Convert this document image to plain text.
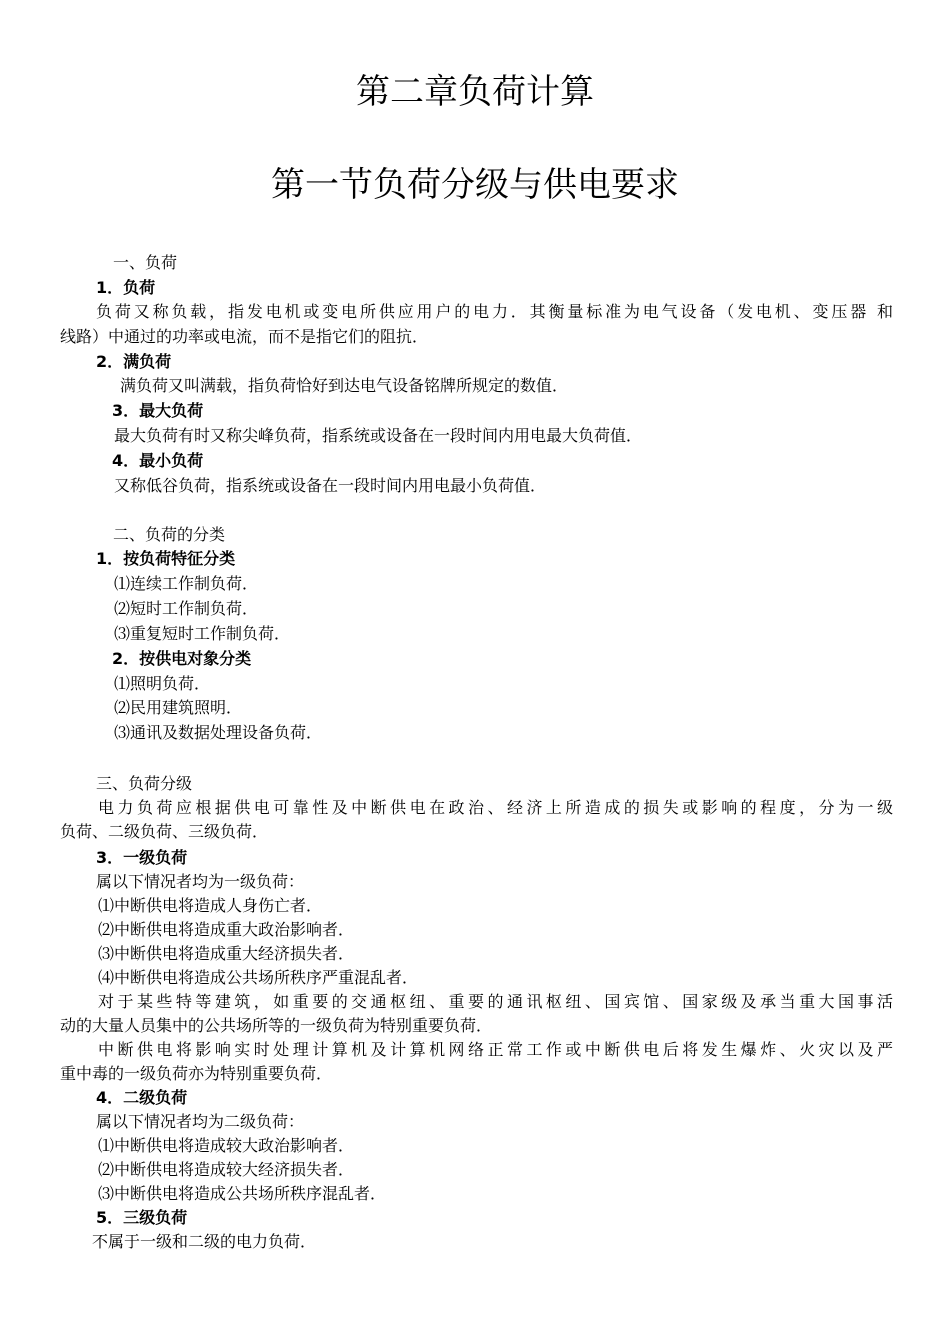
第二章负荷计算
第一节负荷分级与供电要求
一、负荷
1．负荷
负荷又称负载，指发电机或变电所供应用户的电力．其衡量标准为电气设备（发电机、变压器 和
线路）中通过的功率或电流，而不是指它们的阻抗．
2．满负荷
满负荷又叫满载，指负荷恰好到达电气设备铭牌所规定的数值．
3．最大负荷
最大负荷有时又称尖峰负荷，指系统或设备在一段时间内用电最大负荷值．
4．最小负荷
又称低谷负荷，指系统或设备在一段时间内用电最小负荷值．
二、负荷的分类
1．按负荷特征分类
⑴连续工作制负荷．
⑵短时工作制负荷．
⑶重复短时工作制负荷．
2．按供电对象分类
⑴照明负荷．
⑵民用建筑照明．
⑶通讯及数据处理设备负荷．
三、负荷分级
电力负荷应根据供电可靠性及中断供电在政治、经济上所造成的损失或影响的程度，分为一级
负荷、二级负荷、三级负荷．
3．一级负荷
属以下情况者均为一级负荷：
⑴中断供电将造成人身伤亡者．
⑵中断供电将造成重大政治影响者．
⑶中断供电将造成重大经济损失者．
⑷中断供电将造成公共场所秩序严重混乱者．
对于某些特等建筑，如重要的交通枢纽、重要的通讯枢纽、国宾馆、国家级及承当重大国事活
动的大量人员集中的公共场所等的一级负荷为特别重要负荷．
中断供电将影响实时处理计算机及计算机网络正常工作或中断供电后将发生爆炸、火灾以及严
重中毒的一级负荷亦为特别重要负荷．
4．二级负荷
属以下情况者均为二级负荷：
⑴中断供电将造成较大政治影响者．
⑵中断供电将造成较大经济损失者．
⑶中断供电将造成公共场所秩序混乱者．
5．三级负荷
不属于一级和二级的电力负荷．
